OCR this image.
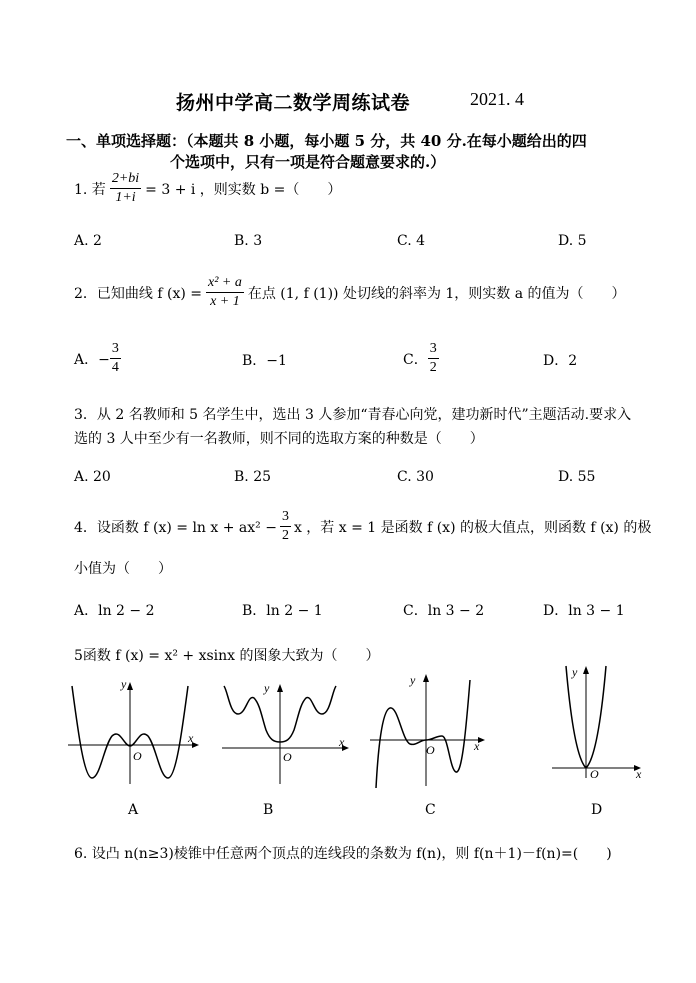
扬州中学高二数学周练试卷	2021. 4
一、单项选择题：（本题共 8 小题，每小题 5 分，共 40 分.在每小题给出的四
个选项中，只有一项是符合题意要求的.）
1. 若 $\frac{2+bi}{1+i} = 3 + i$ ，则实数 b =（　　）
A. 2	B. 3	C. 4	D. 5
2．已知曲线 f $(x) = \frac{\text{x² + a}}{x + 1}$ 在点 (1, f (1)) 处切线的斜率为 1，则实数 a 的值为（　　）
A．− $\frac{3}{4}$	B．−1	C． $\frac{3}{2}$	D．2
3．从 2 名教师和 5 名学生中，选出 3 人参加“青春心向党，建功新时代”主题活动.要求入
选的 3 人中至少有一名教师，则不同的选取方案的种数是（　　）
A. 20	B. 25	C. 30	D. 55
4．设函数 f $(x) = \ln x + ax^2 - \frac{3}{2}$ x ，若 x = 1 是函数 f (x) 的极大值点，则函数 f (x) 的极
小值为（　　）
A．ln 2 − 2	B．ln 2 − 1	C．ln 3 − 2	D．ln 3 − 1
5函数 f (x) = x² + xsinx 的图象大致为（　　）
y
x
O
A
y
x
O
B
y
x
O
C
y
x
O
D
6. 设凸 n(n≥3)棱锥中任意两个顶点的连线段的条数为 f(n)，则 f(n＋1)－f(n)=(　　)
